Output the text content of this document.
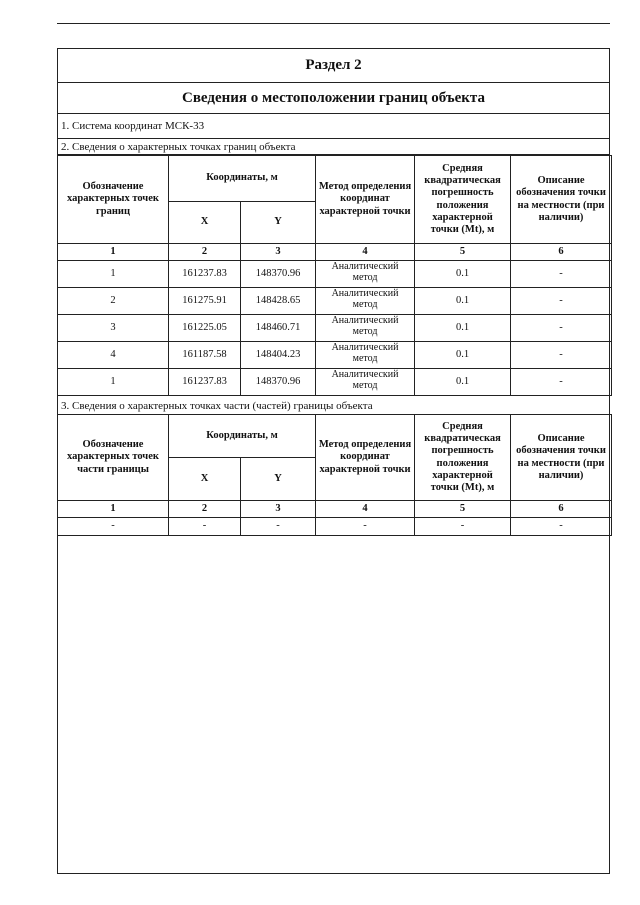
Раздел 2
Сведения о местоположении границ объекта
1. Система координат МСК-33
2. Сведения о характерных точках границ объекта
Обозначение характерных точек границ	Координаты, м		Метод определения координат характерной точки	Средняя квадратическая погрешность положения характерной точки (Mt), м	Описание обозначения точки на местности (при наличии)
	X	Y			
1	2	3	4	5	6
1	161237.83	148370.96	Аналитический метод	0.1	-
2	161275.91	148428.65	Аналитический метод	0.1	-
3	161225.05	148460.71	Аналитический метод	0.1	-
4	161187.58	148404.23	Аналитический метод	0.1	-
1	161237.83	148370.96	Аналитический метод	0.1	-
3. Сведения о характерных точках части (частей) границы объекта
Обозначение характерных точек части границы	Координаты, м		Метод определения координат характерной точки	Средняя квадратическая погрешность положения характерной точки (Mt), м	Описание обозначения точки на местности (при наличии)
	X	Y			
1	2	3	4	5	6
-	-	-	-	-	-
